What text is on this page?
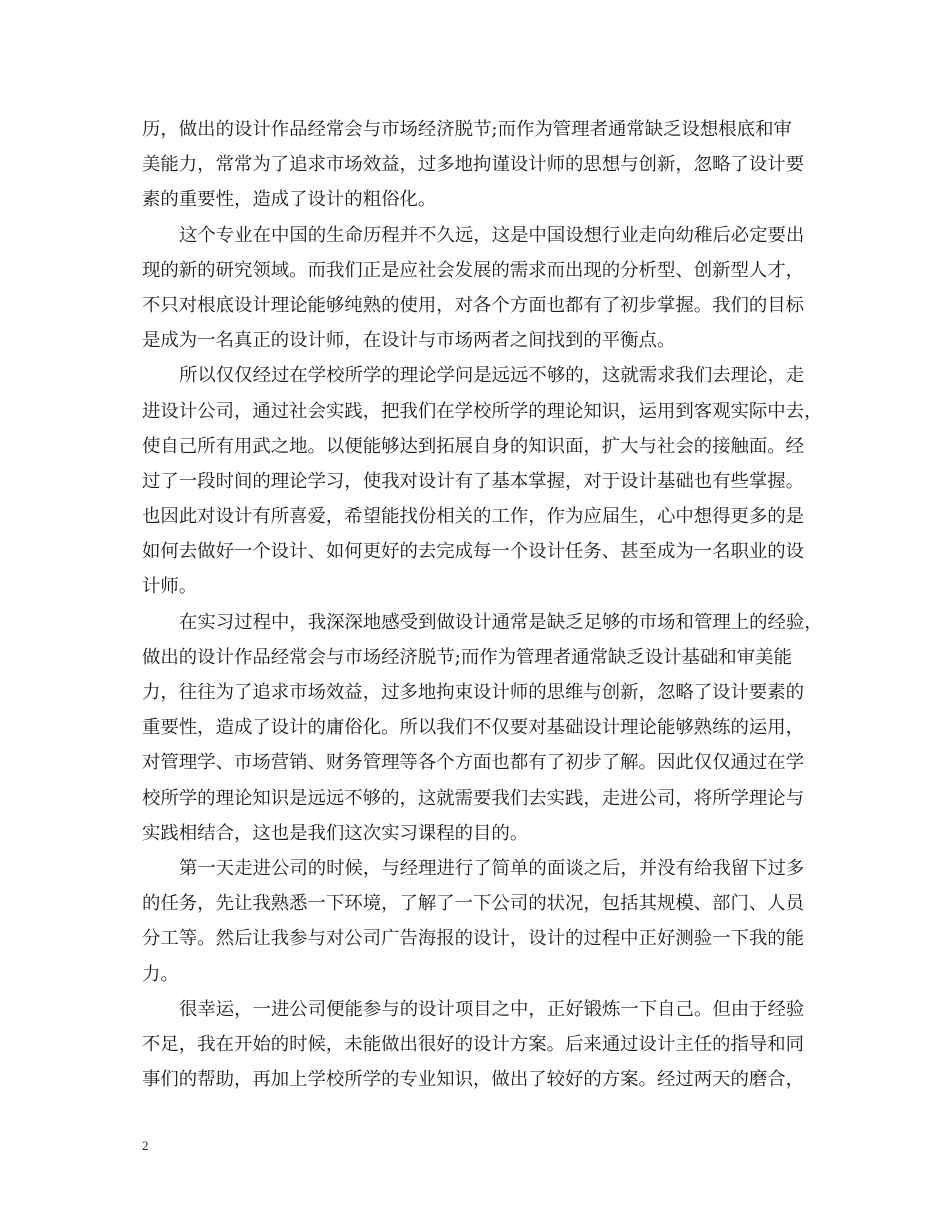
历，做出的设计作品经常会与市场经济脱节;而作为管理者通常缺乏设想根底和审
美能力，常常为了追求市场效益，过多地拘谨设计师的思想与创新，忽略了设计要
素的重要性，造成了设计的粗俗化。
这个专业在中国的生命历程并不久远，这是中国设想行业走向幼稚后必定要出
现的新的研究领域。而我们正是应社会发展的需求而出现的分析型、创新型人才，
不只对根底设计理论能够纯熟的使用，对各个方面也都有了初步掌握。我们的目标
是成为一名真正的设计师，在设计与市场两者之间找到的平衡点。
所以仅仅经过在学校所学的理论学问是远远不够的，这就需求我们去理论，走
进设计公司，通过社会实践，把我们在学校所学的理论知识，运用到客观实际中去，
使自己所有用武之地。以便能够达到拓展自身的知识面，扩大与社会的接触面。经
过了一段时间的理论学习，使我对设计有了基本掌握，对于设计基础也有些掌握。
也因此对设计有所喜爱，希望能找份相关的工作，作为应届生，心中想得更多的是
如何去做好一个设计、如何更好的去完成每一个设计任务、甚至成为一名职业的设
计师。
在实习过程中，我深深地感受到做设计通常是缺乏足够的市场和管理上的经验，
做出的设计作品经常会与市场经济脱节;而作为管理者通常缺乏设计基础和审美能
力，往往为了追求市场效益，过多地拘束设计师的思维与创新，忽略了设计要素的
重要性，造成了设计的庸俗化。所以我们不仅要对基础设计理论能够熟练的运用，
对管理学、市场营销、财务管理等各个方面也都有了初步了解。因此仅仅通过在学
校所学的理论知识是远远不够的，这就需要我们去实践，走进公司，将所学理论与
实践相结合，这也是我们这次实习课程的目的。
第一天走进公司的时候，与经理进行了简单的面谈之后，并没有给我留下过多
的任务，先让我熟悉一下环境，了解了一下公司的状况，包括其规模、部门、人员
分工等。然后让我参与对公司广告海报的设计，设计的过程中正好测验一下我的能
力。
很幸运，一进公司便能参与的设计项目之中，正好锻炼一下自己。但由于经验
不足，我在开始的时候，未能做出很好的设计方案。后来通过设计主任的指导和同
事们的帮助，再加上学校所学的专业知识，做出了较好的方案。经过两天的磨合，
2
